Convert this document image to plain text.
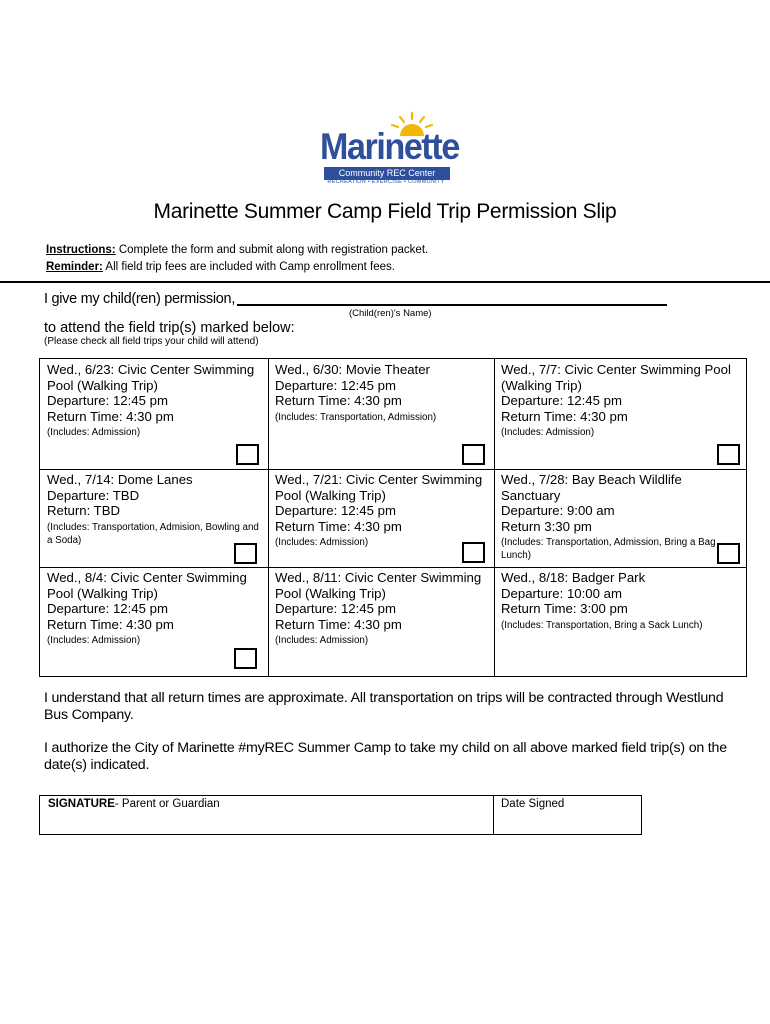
Marinette
Community REC Center
RECREATION • EXERCISE • COMMUNITY
Marinette Summer Camp Field Trip Permission Slip
Instructions: Complete the form and submit along with registration packet.
Reminder: All field trip fees are included with Camp enrollment fees.
I give my child(ren) permission,
(Child(ren)'s Name)
to attend the field trip(s) marked below:
(Please check all field trips your child will attend)
Wed., 6/23: Civic Center Swimming
Pool (Walking Trip)
Departure: 12:45 pm
Return Time: 4:30 pm
(Includes: Admission)
Wed., 6/30: Movie Theater
Departure: 12:45 pm
Return Time: 4:30 pm
(Includes: Transportation, Admission)
Wed., 7/7: Civic Center Swimming Pool
(Walking Trip)
Departure: 12:45 pm
Return Time: 4:30 pm
(Includes: Admission)
Wed., 7/14: Dome Lanes
Departure: TBD
Return: TBD
(Includes: Transportation, Admision, Bowling and a Soda)
Wed., 7/21: Civic Center Swimming
Pool (Walking Trip)
Departure: 12:45 pm
Return Time: 4:30 pm
(Includes: Admission)
Wed., 7/28: Bay Beach Wildlife
Sanctuary
Departure: 9:00 am
Return 3:30 pm
(Includes: Transportation, Admission, Bring a Bag Lunch)
Wed., 8/4: Civic Center Swimming
Pool (Walking Trip)
Departure: 12:45 pm
Return Time: 4:30 pm
(Includes: Admission)
Wed., 8/11: Civic Center Swimming
Pool (Walking Trip)
Departure: 12:45 pm
Return Time: 4:30 pm
(Includes: Admission)
Wed., 8/18: Badger Park
Departure: 10:00 am
Return Time: 3:00 pm
(Includes: Transportation, Bring a Sack Lunch)
I understand that all return times are approximate. All transportation on trips will be contracted through Westlund Bus Company.
I authorize the City of Marinette #myREC Summer Camp to take my child on all above marked field trip(s) on the date(s) indicated.
SIGNATURE- Parent or Guardian	Date Signed
